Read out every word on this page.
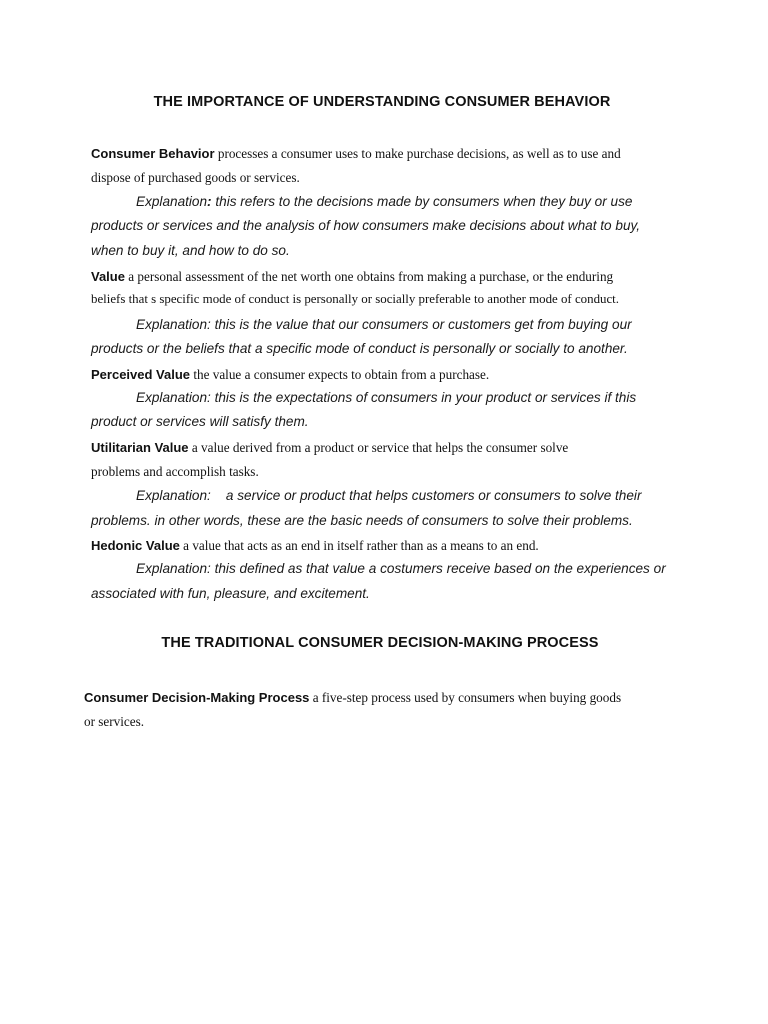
THE IMPORTANCE OF UNDERSTANDING CONSUMER BEHAVIOR
Consumer Behavior processes a consumer uses to make purchase decisions, as well as to use and
dispose of purchased goods or services.
Explanation: this refers to the decisions made by consumers when they buy or use
products or services and the analysis of how consumers make decisions about what to buy,
when to buy it, and how to do so.
Value a personal assessment of the net worth one obtains from making a purchase, or the enduring
beliefs that s specific mode of conduct is personally or socially preferable to another mode of conduct.
Explanation: this is the value that our consumers or customers get from buying our
products or the beliefs that a specific mode of conduct is personally or socially to another.
Perceived Value the value a consumer expects to obtain from a purchase.
Explanation: this is the expectations of consumers in your product or services if this
product or services will satisfy them.
Utilitarian Value a value derived from a product or service that helps the consumer solve
problems and accomplish tasks.
Explanation:    a service or product that helps customers or consumers to solve their
problems. in other words, these are the basic needs of consumers to solve their problems.
Hedonic Value a value that acts as an end in itself rather than as a means to an end.
Explanation: this defined as that value a costumers receive based on the experiences or
associated with fun, pleasure, and excitement.
THE TRADITIONAL CONSUMER DECISION-MAKING PROCESS
Consumer Decision-Making Process a five-step process used by consumers when buying goods
or services.
